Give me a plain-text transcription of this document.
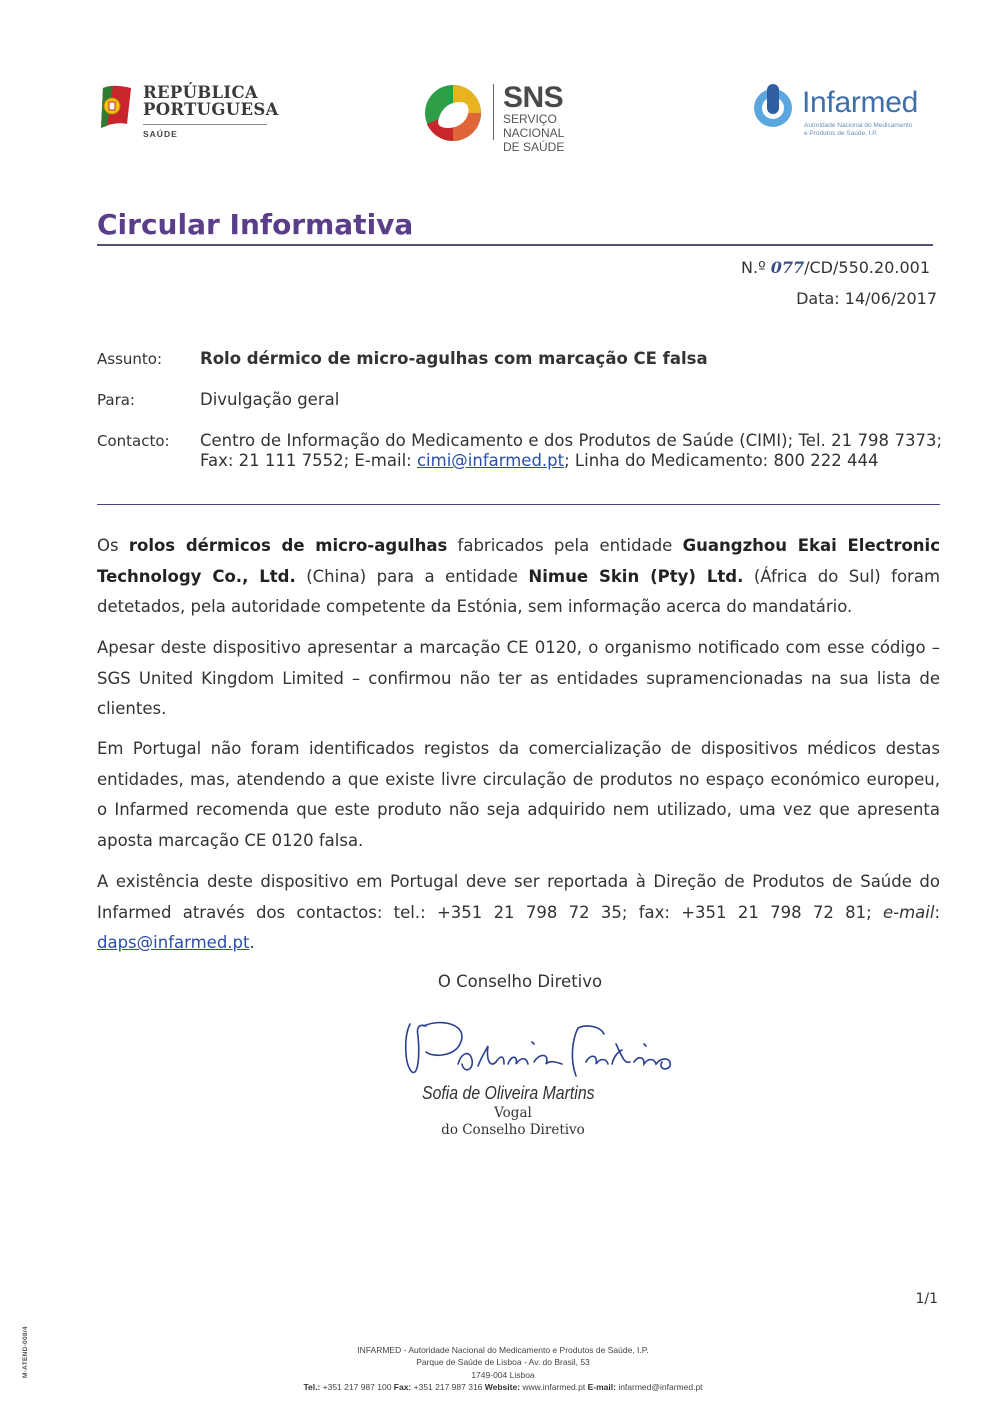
REPÚBLICA
PORTUGUESA
SAÚDE
SNS
SERVIÇO NACIONAL
DE SAÚDE
Infarmed
Autoridade Nacional do Medicamento
e Produtos de Saúde, I.P.
Circular Informativa
N.º 077/CD/550.20.001
Data: 14/06/2017
Assunto: Rolo dérmico de micro-agulhas com marcação CE falsa
Para:	Divulgação geral
Contacto: Centro de Informação do Medicamento e dos Produtos de Saúde (CIMI); Tel. 21 798 7373; Fax: 21 111 7552; E-mail: cimi@infarmed.pt; Linha do Medicamento: 800 222 444
Os rolos dérmicos de micro-agulhas fabricados pela entidade Guangzhou Ekai Electronic Technology Co., Ltd. (China) para a entidade Nimue Skin (Pty) Ltd. (África do Sul) foram detetados, pela autoridade competente da Estónia, sem informação acerca do mandatário.
Apesar deste dispositivo apresentar a marcação CE 0120, o organismo notificado com esse código – SGS United Kingdom Limited – confirmou não ter as entidades supramencionadas na sua lista de clientes.
Em Portugal não foram identificados registos da comercialização de dispositivos médicos destas entidades, mas, atendendo a que existe livre circulação de produtos no espaço económico europeu, o Infarmed recomenda que este produto não seja adquirido nem utilizado, uma vez que apresenta aposta marcação CE 0120 falsa.
A existência deste dispositivo em Portugal deve ser reportada à Direção de Produtos de Saúde do Infarmed através dos contactos: tel.: +351 21 798 72 35; fax: +351 21 798 72 81; e-mail: daps@infarmed.pt.
O Conselho Diretivo
Sofia de Oliveira Martins
Vogal
do Conselho Diretivo
1/1
M-ATEND-008/4	INFARMED - Autoridade Nacional do Medicamento e Produtos de Saúde, I.P.
Parque de Saúde de Lisboa - Av. do Brasil, 53
1749-004 Lisboa
Tel.: +351 217 987 100 Fax: +351 217 987 316 Website: www.infarmed.pt E-mail: infarmed@infarmed.pt
